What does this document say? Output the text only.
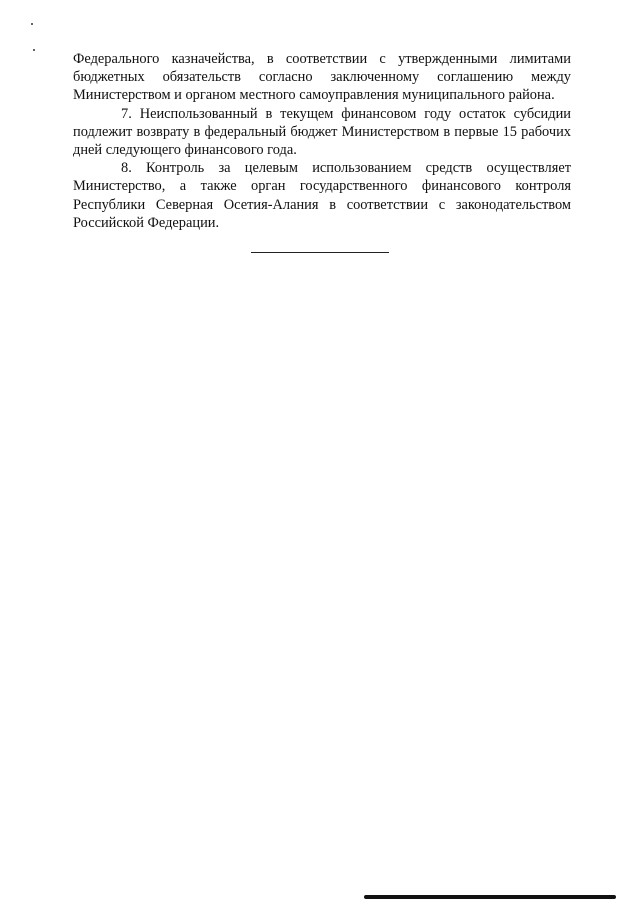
Федерального казначейства, в соответствии с утвержденными лимитами бюджетных обязательств согласно заключенному соглашению между Министерством и органом местного самоуправления муниципального района.

7. Неиспользованный в текущем финансовом году остаток субсидии подлежит возврату в федеральный бюджет Министерством в первые 15 рабочих дней следующего финансового года.

8. Контроль за целевым использованием средств осуществляет Министерство, а также орган государственного финансового контроля Республики Северная Осетия-Алания в соответствии с законодательством Российской Федерации.
